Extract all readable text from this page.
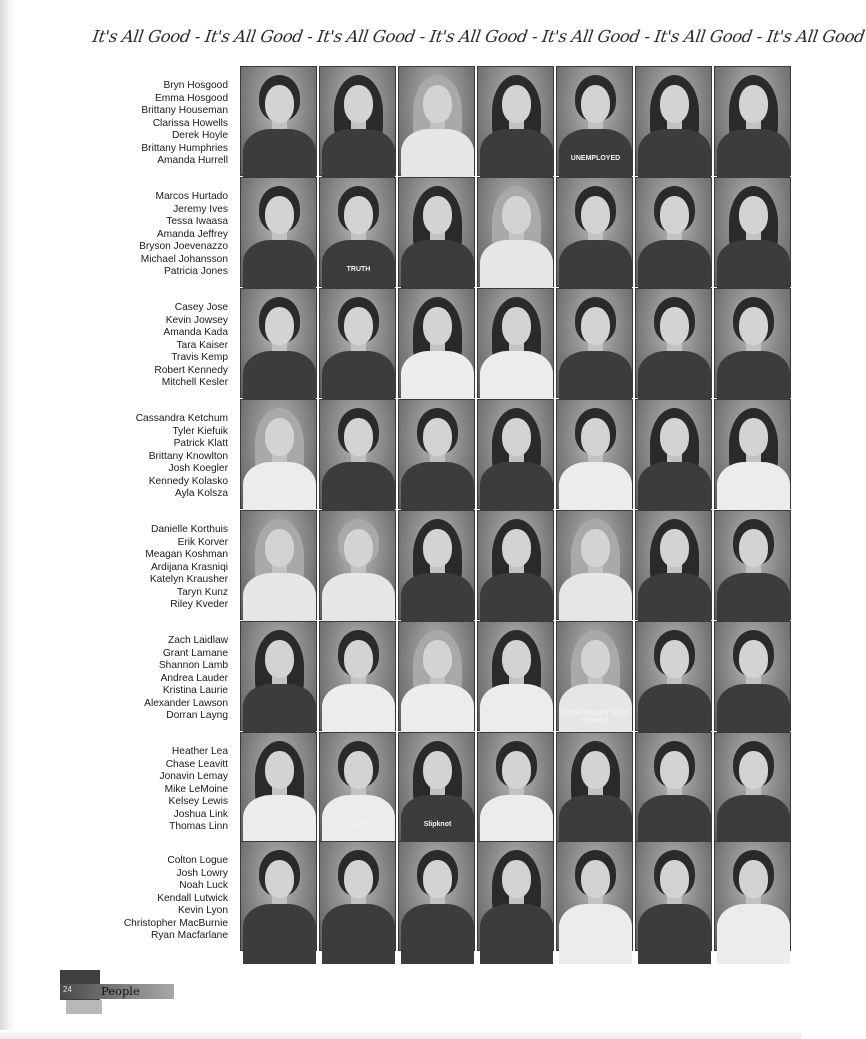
It's All Good - It's All Good - It's All Good - It's All Good - It's All Good - It's All Good - It's All Good
Bryn Hosgood
Emma Hosgood
Brittany Houseman
Clarissa Howells
Derek Hoyle
Brittany Humphries
Amanda Hurrell	UNEMPLOYED
Marcos Hurtado
Jeremy Ives
Tessa Iwaasa
Amanda Jeffrey
Bryson Joevenazzo
Michael Johansson
Patricia Jones	TRUTH
Casey Jose
Kevin Jowsey
Amanda Kada
Tara Kaiser
Travis Kemp
Robert Kennedy
Mitchell Kesler
Cassandra Ketchum
Tyler Kiefuik
Patrick Klatt
Brittany Knowlton
Josh Koegler
Kennedy Kolasko
Ayla Kolsza
Danielle Korthuis
Erik Korver
Meagan Koshman
Ardijana Krasniqi
Katelyn Krausher
Taryn Kunz
Riley Kveder
Zach Laidlaw
Grant Lamane
Shannon Lamb
Andrea Lauder
Kristina Laurie
Alexander Lawson
Dorran Layng	YOUR MONEY IS MY MONEY
Heather Lea
Chase Leavitt
Jonavin Lemay
Mike LeMoine
Kelsey Lewis
Joshua Link
Thomas Linn	KEEP	Slipknot
Colton Logue
Josh Lowry
Noah Luck
Kendall Lutwick
Kevin Lyon
Christopher MacBurnie
Ryan Macfarlane
24	People
